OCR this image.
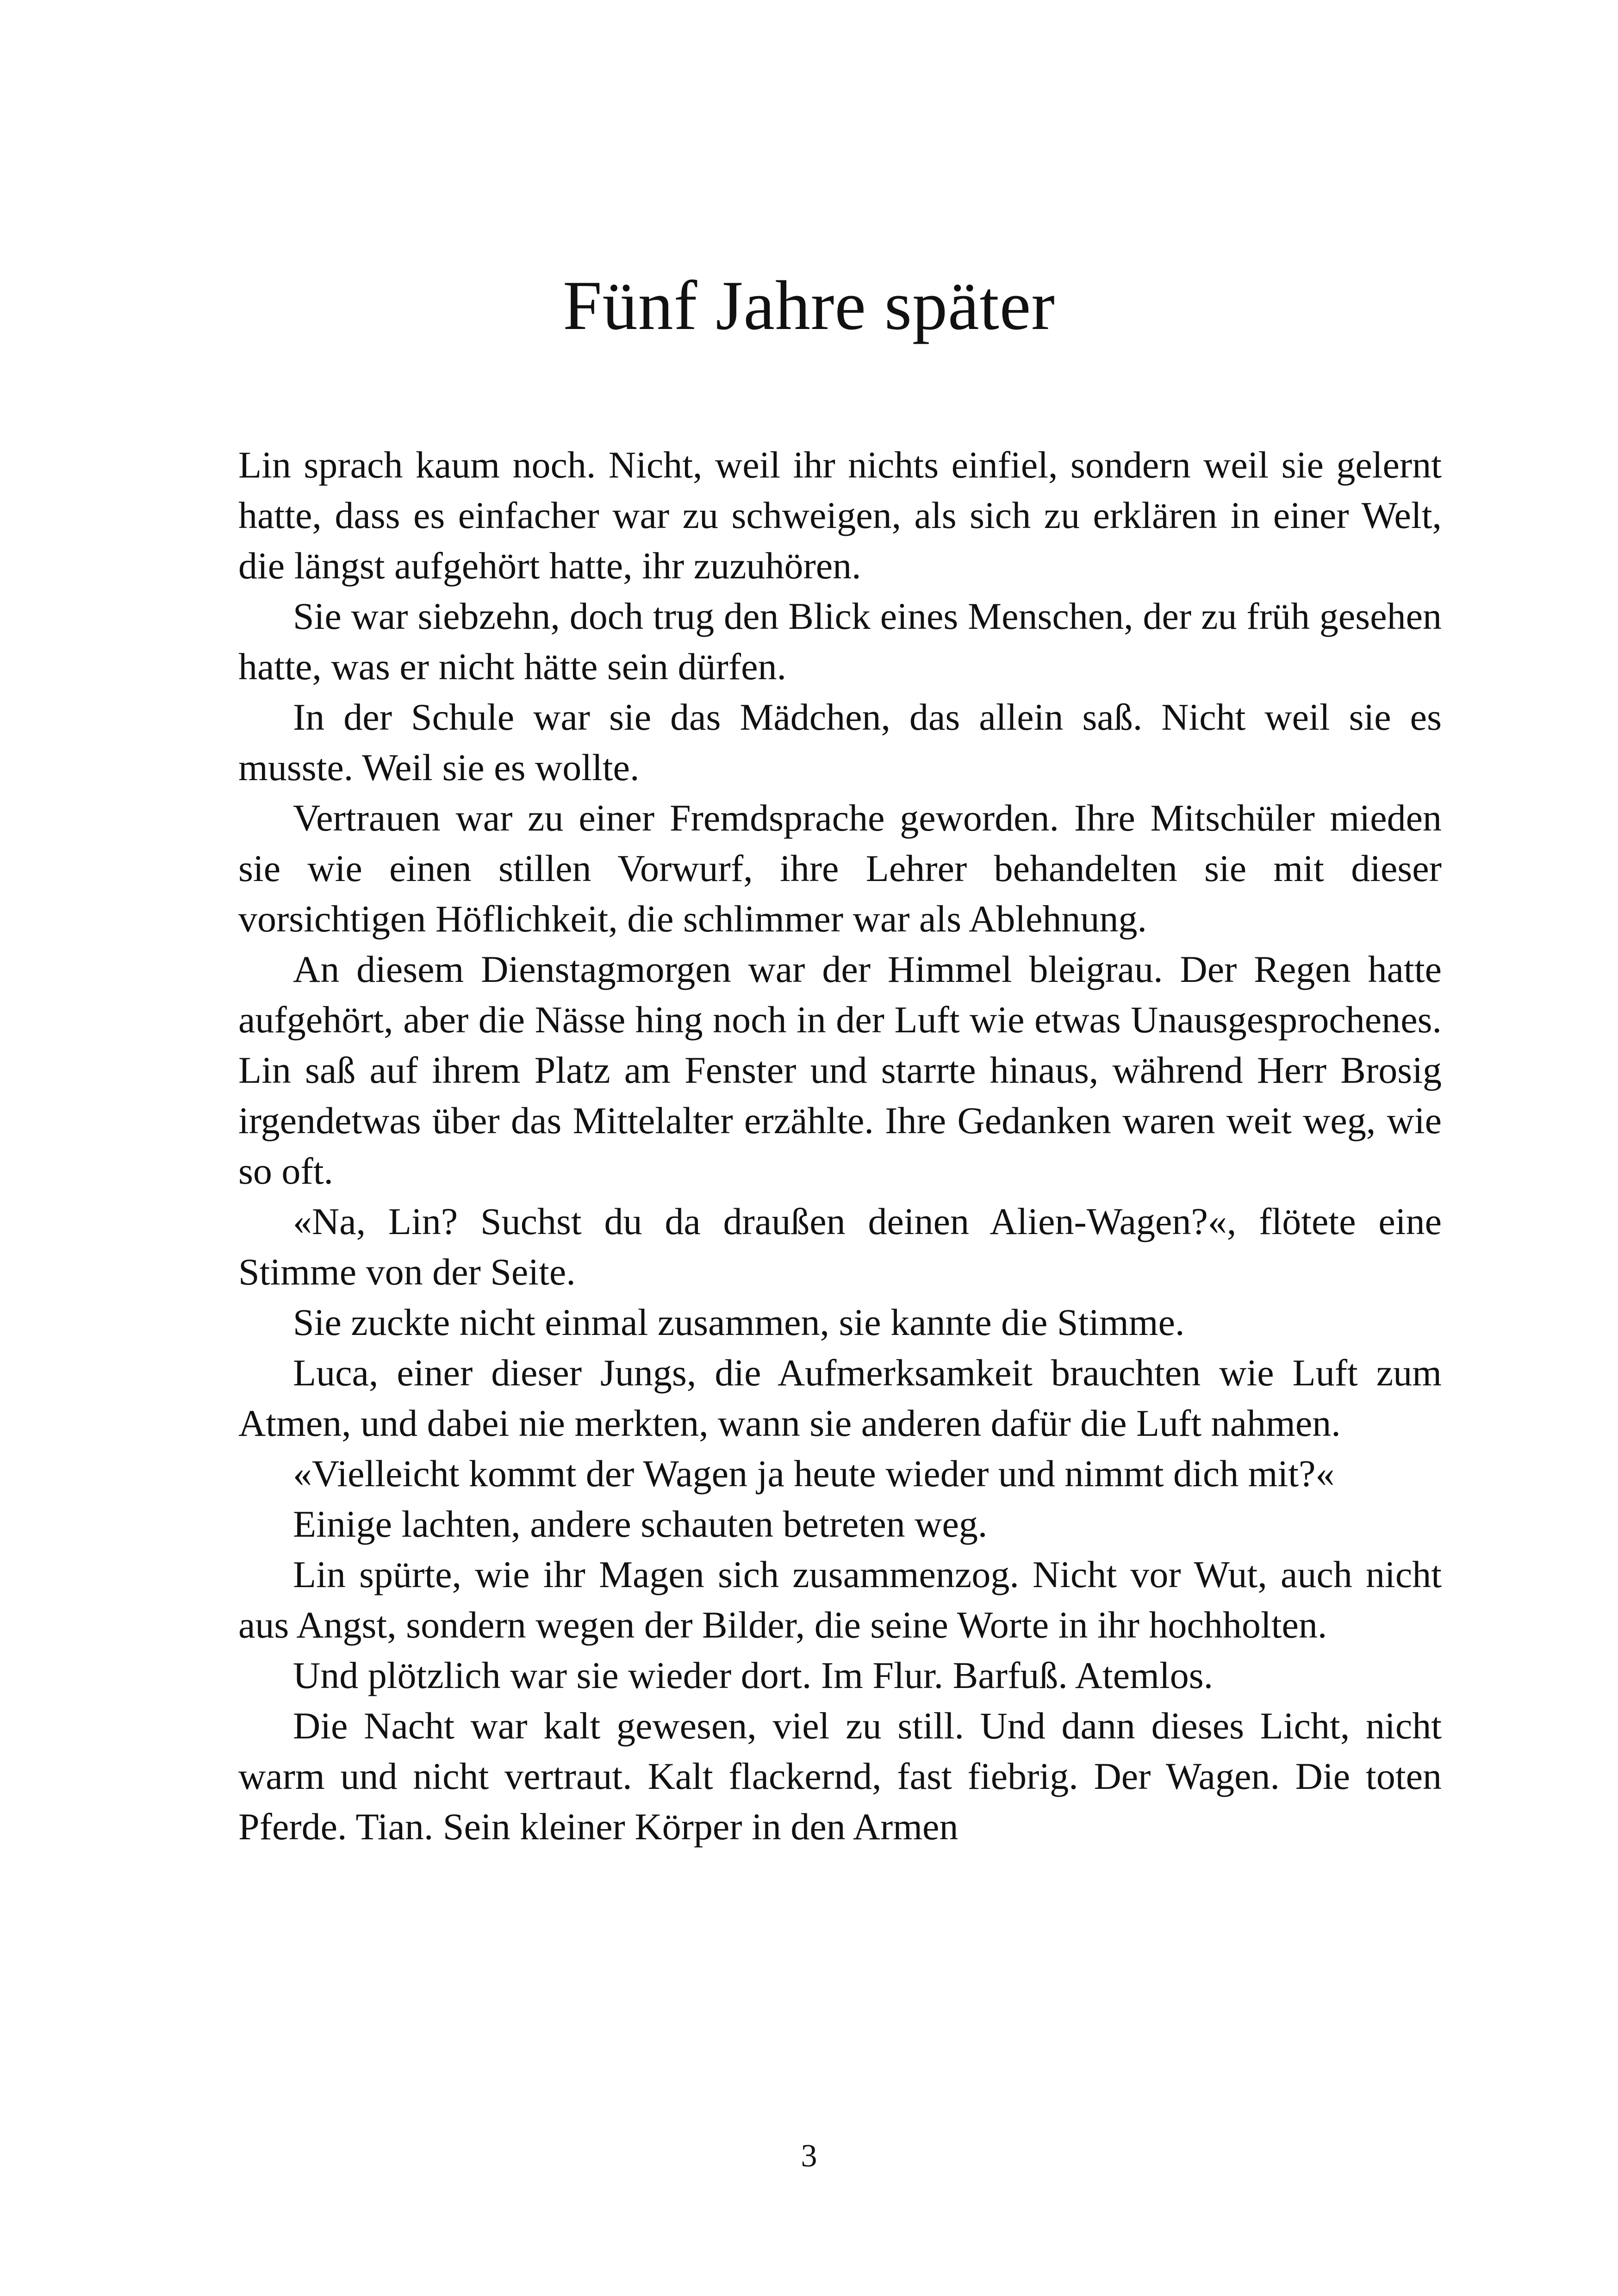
Fünf Jahre später

Lin sprach kaum noch. Nicht, weil ihr nichts einfiel, sondern weil sie gelernt hatte, dass es einfacher war zu schweigen, als sich zu erklären in einer Welt, die längst aufgehört hatte, ihr zuzuhören.

Sie war siebzehn, doch trug den Blick eines Menschen, der zu früh gesehen hatte, was er nicht hätte sein dürfen.

In der Schule war sie das Mädchen, das allein saß. Nicht weil sie es musste. Weil sie es wollte.

Vertrauen war zu einer Fremdsprache geworden. Ihre Mitschüler mieden sie wie einen stillen Vorwurf, ihre Lehrer behandelten sie mit dieser vorsichtigen Höflichkeit, die schlimmer war als Ablehnung.

An diesem Dienstagmorgen war der Himmel bleigrau. Der Regen hatte aufgehört, aber die Nässe hing noch in der Luft wie etwas Unausgesprochenes. Lin saß auf ihrem Platz am Fenster und starrte hinaus, während Herr Brosig irgendetwas über das Mittelalter erzählte. Ihre Gedanken waren weit weg, wie so oft.

«Na, Lin? Suchst du da draußen deinen Alien-Wagen?«, flötete eine Stimme von der Seite.

Sie zuckte nicht einmal zusammen, sie kannte die Stimme.

Luca, einer dieser Jungs, die Aufmerksamkeit brauchten wie Luft zum Atmen, und dabei nie merkten, wann sie anderen dafür die Luft nahmen.

«Vielleicht kommt der Wagen ja heute wieder und nimmt dich mit?«

Einige lachten, andere schauten betreten weg.

Lin spürte, wie ihr Magen sich zusammenzog. Nicht vor Wut, auch nicht aus Angst, sondern wegen der Bilder, die seine Worte in ihr hochholten.

Und plötzlich war sie wieder dort. Im Flur. Barfuß. Atemlos.

Die Nacht war kalt gewesen, viel zu still. Und dann dieses Licht, nicht warm und nicht vertraut. Kalt flackernd, fast fiebrig. Der Wagen. Die toten Pferde. Tian. Sein kleiner Körper in den Armen

3
